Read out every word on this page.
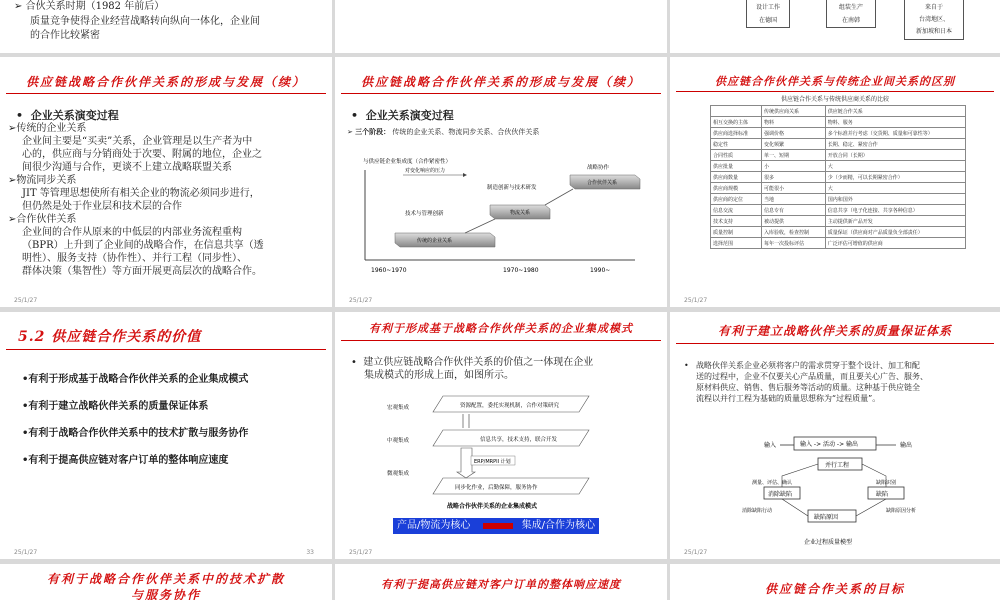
➢ 合伙关系时期（1982 年前后）
质量竞争使得企业经营战略转向纵向一体化，企业间
的合作比较紧密
设计工作
在德国
组装生产
在南韩
来自于
台湾地区、
新加坡和日本
供应链战略合作伙伴关系的形成与发展（续）
•  企业关系演变过程
➢传统的企业关系
企业间主要是“买卖”关系，企业管理是以生产者为中
心的，供应商与分销商处于次要、附属的地位，企业之
间很少沟通与合作，更谈不上建立战略联盟关系
➢物流同步关系
JIT 等管理思想使所有相关企业的物流必须同步进行，
但仍然是处于作业层和技术层的合作
➢合作伙伴关系
企业间的合作从原来的中低层的内部业务流程重构
（BPR）上升到了企业间的战略合作，在信息共享（透
明性）、服务支持（协作性）、并行工程（同步性）、
群体决策（集智性）等方面开展更高层次的战略合作。
25/1/27
供应链战略合作伙伴关系的形成与发展（续）
•  企业关系演变过程
➢ 三个阶段： 传统的企业关系、物流同步关系、合伙伙伴关系
与供应链企业集成度（合作紧密性）
对变化响应的压力	战略协作
技术与管理创新
制造创新与技术研发
传统的企业关系
物流关系
合作伙伴关系
1960~1970	1970~1980	1990~
25/1/27
供应链合作伙伴关系与传统企业间关系的区别
供应链合作关系与传统供应商关系的比较
	传统供应商关系	供应链合作关系
相互交换的主体	物料	物料、服务
供应商选择标准	强调价格	多个标准并行考虑（交货期、质量和可靠性等）
稳定性	变化频繁	长期、稳定、紧密合作
合同性质	单一、短期	开放合同（长期）
供应批量	小	大
供应商数量	很多	少（少而精，可以长期紧密合作）
供应商规模	可能很小	大
供应商的定位	当地	国内和国外
信息交流	信息专有	信息共享（电子化连接、共享各种信息）
技术支持	被动提供	主动提供新产品开发
质量控制	入库验收，检查控制	质量保证（供应商对产品质量负全部责任）
选择范围	每年一次投标评估	广泛评估可增值的供应商
25/1/27
5.2 供应链合作关系的价值
•有利于形成基于战略合作伙伴关系的企业集成模式
•有利于建立战略伙伴关系的质量保证体系
•有利于战略合作伙伴关系中的技术扩散与服务协作
•有利于提高供应链对客户订单的整体响应速度
25/1/27	33
有利于形成基于战略合作伙伴关系的企业集成模式
•  建立供应链战略合作伙伴关系的价值之一体现在企业
集成模式的形成上面，如图所示。
宏观集成
中观集成
微观集成
资源配置，委托实现机制，合作对策研究
信息共享，技术支持，联合开发
同步化作业，后勤保障，服务协作
ERP/MRPII 计划
战略合作伙伴关系的企业集成模式
产品/物流为核心	集成/合作为核心
25/1/27
有利于建立战略伙伴关系的质量保证体系
• 战略伙伴关系企业必须将客户的需求贯穿于整个设计、加工和配
送的过程中，企业不仅要关心产品质量，而且要关心广告、服务、
原材料供应、销售、售后服务等活动的质量。这种基于供应链全
流程以并行工程为基础的质量思想称为“过程质量”。
输入	输出
输入 -> 活动 -> 输出
并行工程
测量、评估、确认	缺陷识别
消除缺陷	缺陷
消除缺陷行动	缺陷原因分析
缺陷原因
企业过程质量模型
25/1/27
有利于战略合作伙伴关系中的技术扩散
与服务协作
有利于提高供应链对客户订单的整体响应速度	供应链合作关系的目标
